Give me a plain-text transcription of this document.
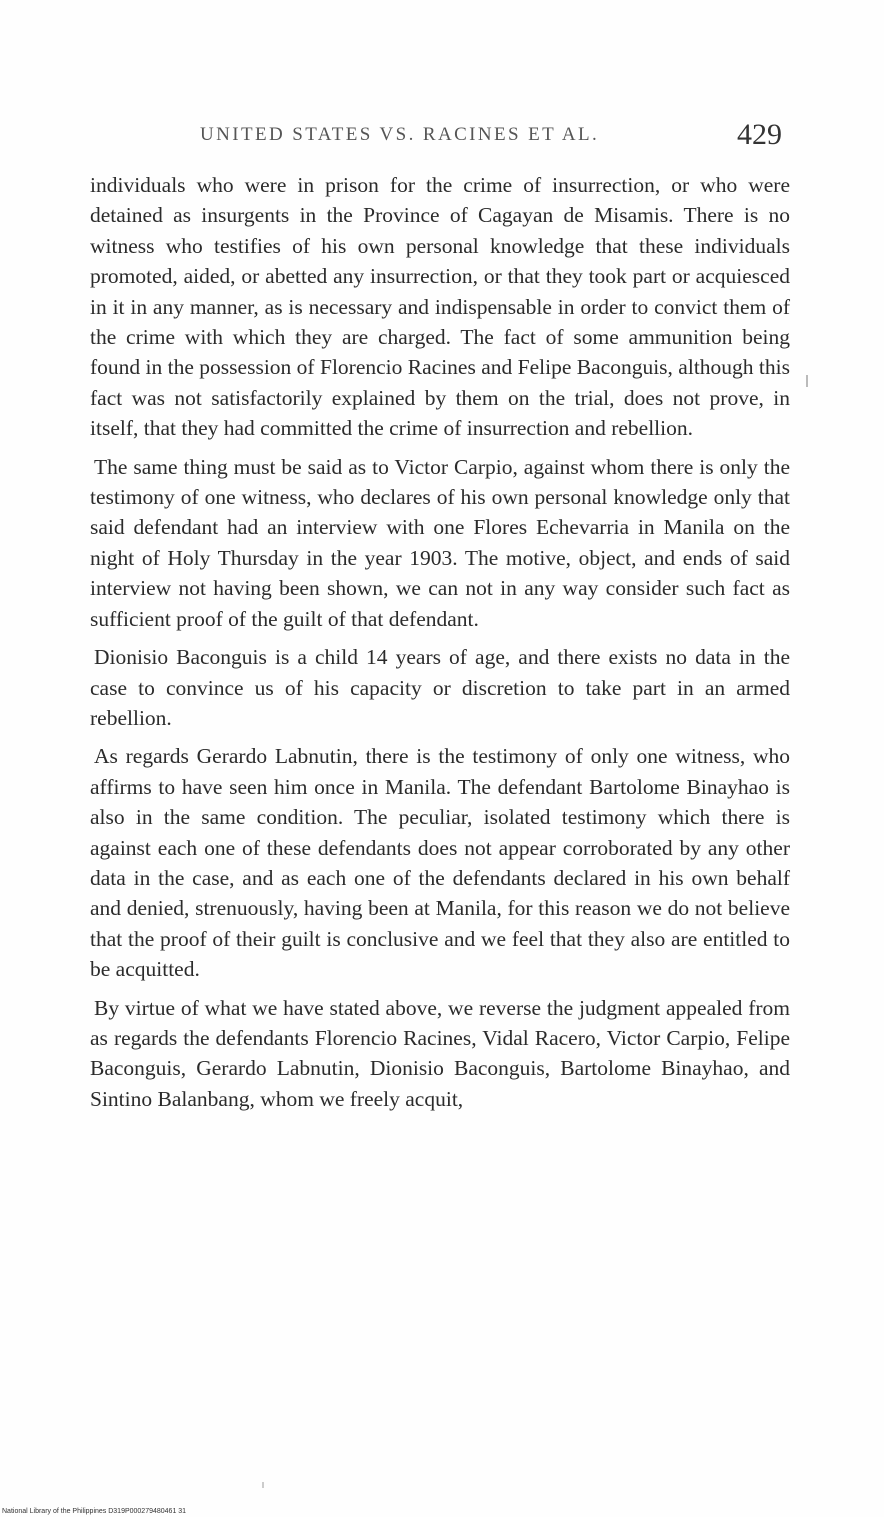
UNITED STATES VS. RACINES ET AL.	429

individuals who were in prison for the crime of insurrection, or who were detained as insurgents in the Province of Cagayan de Misamis. There is no witness who testifies of his own personal knowledge that these individuals promoted, aided, or abetted any insurrection, or that they took part or acquiesced in it in any manner, as is necessary and indispensable in order to convict them of the crime with which they are charged. The fact of some ammunition being found in the possession of Florencio Racines and Felipe Baconguis, although this fact was not satisfactorily explained by them on the trial, does not prove, in itself, that they had committed the crime of insurrection and rebellion.

The same thing must be said as to Victor Carpio, against whom there is only the testimony of one witness, who declares of his own personal knowledge only that said defendant had an interview with one Flores Echevarria in Manila on the night of Holy Thursday in the year 1903. The motive, object, and ends of said interview not having been shown, we can not in any way consider such fact as sufficient proof of the guilt of that defendant.

Dionisio Baconguis is a child 14 years of age, and there exists no data in the case to convince us of his capacity or discretion to take part in an armed rebellion.

As regards Gerardo Labnutin, there is the testimony of only one witness, who affirms to have seen him once in Manila. The defendant Bartolome Binayhao is also in the same condition. The peculiar, isolated testimony which there is against each one of these defendants does not appear corroborated by any other data in the case, and as each one of the defendants declared in his own behalf and denied, strenuously, having been at Manila, for this reason we do not believe that the proof of their guilt is conclusive and we feel that they also are entitled to be acquitted.

By virtue of what we have stated above, we reverse the judgment appealed from as regards the defendants Florencio Racines, Vidal Racero, Victor Carpio, Felipe Baconguis, Gerardo Labnutin, Dionisio Baconguis, Bartolome Binayhao, and Sintino Balanbang, whom we freely acquit,

National Library of the Philippines D319P000279480461 31
